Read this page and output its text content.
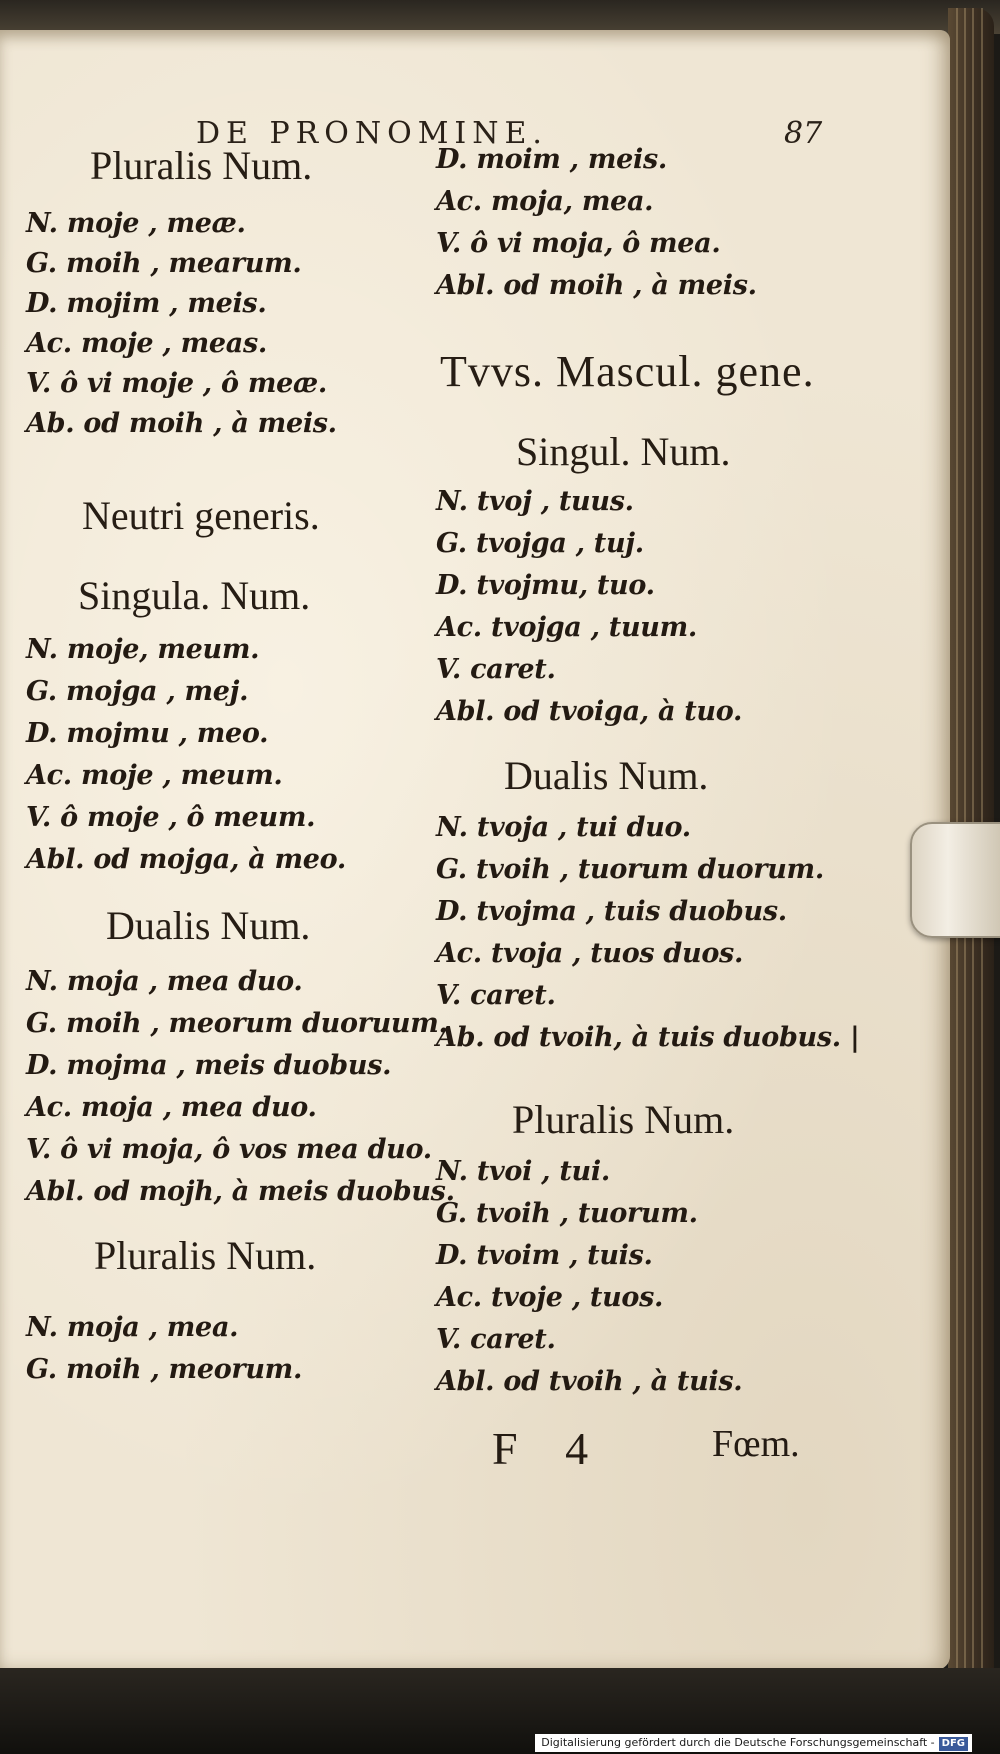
DE PRONOMINE.	87
Pluralis Num.
N. moje , meæ.
G. moih , mearum.
D. mojim , meis.
Ac. moje , meas.
V. ô vi moje , ô meæ.
Ab. od moih , à meis.
Neutri generis.
Singula. Num.
N. moje, meum.
G. mojga , mej.
D. mojmu , meo.
Ac. moje , meum.
V. ô moje , ô meum.
Abl. od mojga, à meo.
Dualis Num.
N. moja , mea duo.
G. moih , meorum duoruum.
D. mojma , meis duobus.
Ac. moja , mea duo.
V. ô vi moja, ô vos mea duo.
Abl. od mojh, à meis duobus.
Pluralis Num.
N. moja , mea.
G. moih , meorum.
D. moim , meis.
Ac. moja, mea.
V. ô vi moja, ô mea.
Abl. od moih , à meis.
Tvvs. Mascul. gene.
Singul. Num.
N. tvoj , tuus.
G. tvojga , tuj.
D. tvojmu, tuo.
Ac. tvojga , tuum.
V. caret.
Abl. od tvoiga, à tuo.
Dualis Num.
N. tvoja , tui duo.
G. tvoih , tuorum duorum.
D. tvojma , tuis duobus.
Ac. tvoja , tuos duos.
V. caret.
Ab. od tvoih, à tuis duobus. |
Pluralis Num.
N. tvoi , tui.
G. tvoih , tuorum.
D. tvoim , tuis.
Ac. tvoje , tuos.
V. caret.
Abl. od tvoih , à tuis.
F 4	Fœm.
Digitalisierung gefördert durch die Deutsche Forschungsgemeinschaft - DFG
